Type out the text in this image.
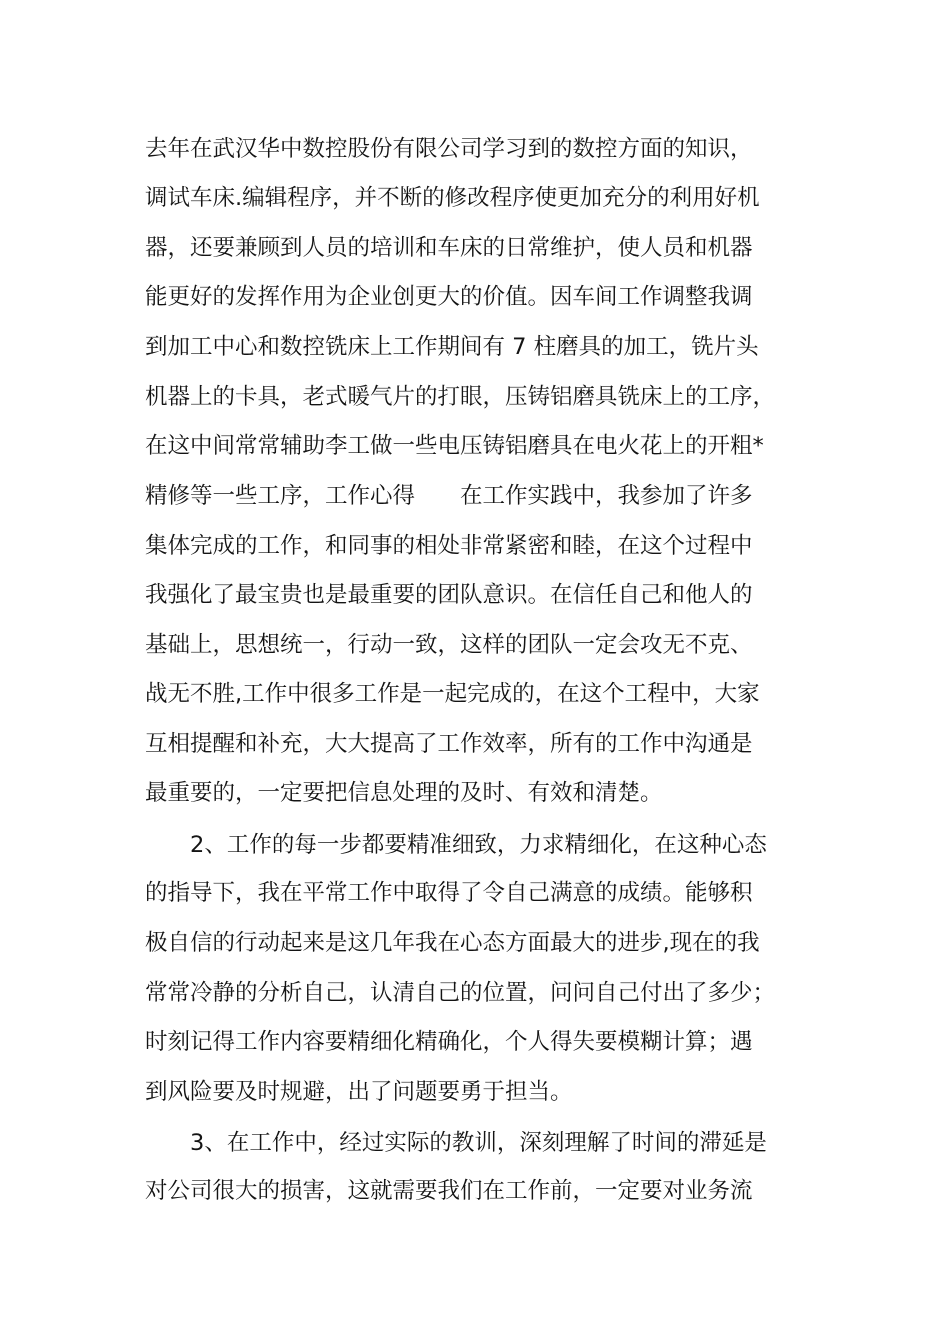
去年在武汉华中数控股份有限公司学习到的数控方面的知识，
调试车床.编辑程序，并不断的修改程序使更加充分的利用好机
器，还要兼顾到人员的培训和车床的日常维护，使人员和机器
能更好的发挥作用为企业创更大的价值。因车间工作调整我调
到加工中心和数控铣床上工作期间有 7 柱磨具的加工，铣片头
机器上的卡具，老式暖气片的打眼，压铸铝磨具铣床上的工序，
在这中间常常辅助李工做一些电压铸铝磨具在电火花上的开粗*
精修等一些工序，工作心得　　在工作实践中，我参加了许多
集体完成的工作，和同事的相处非常紧密和睦，在这个过程中
我强化了最宝贵也是最重要的团队意识。在信任自己和他人的
基础上，思想统一，行动一致，这样的团队一定会攻无不克、
战无不胜,工作中很多工作是一起完成的，在这个工程中，大家
互相提醒和补充，大大提高了工作效率，所有的工作中沟通是
最重要的，一定要把信息处理的及时、有效和清楚。
2、工作的每一步都要精准细致，力求精细化，在这种心态
的指导下，我在平常工作中取得了令自己满意的成绩。能够积
极自信的行动起来是这几年我在心态方面最大的进步,现在的我
常常冷静的分析自己，认清自己的位置，问问自己付出了多少；
时刻记得工作内容要精细化精确化，个人得失要模糊计算；遇
到风险要及时规避，出了问题要勇于担当。
3、在工作中，经过实际的教训，深刻理解了时间的滞延是
对公司很大的损害，这就需要我们在工作前，一定要对业务流
